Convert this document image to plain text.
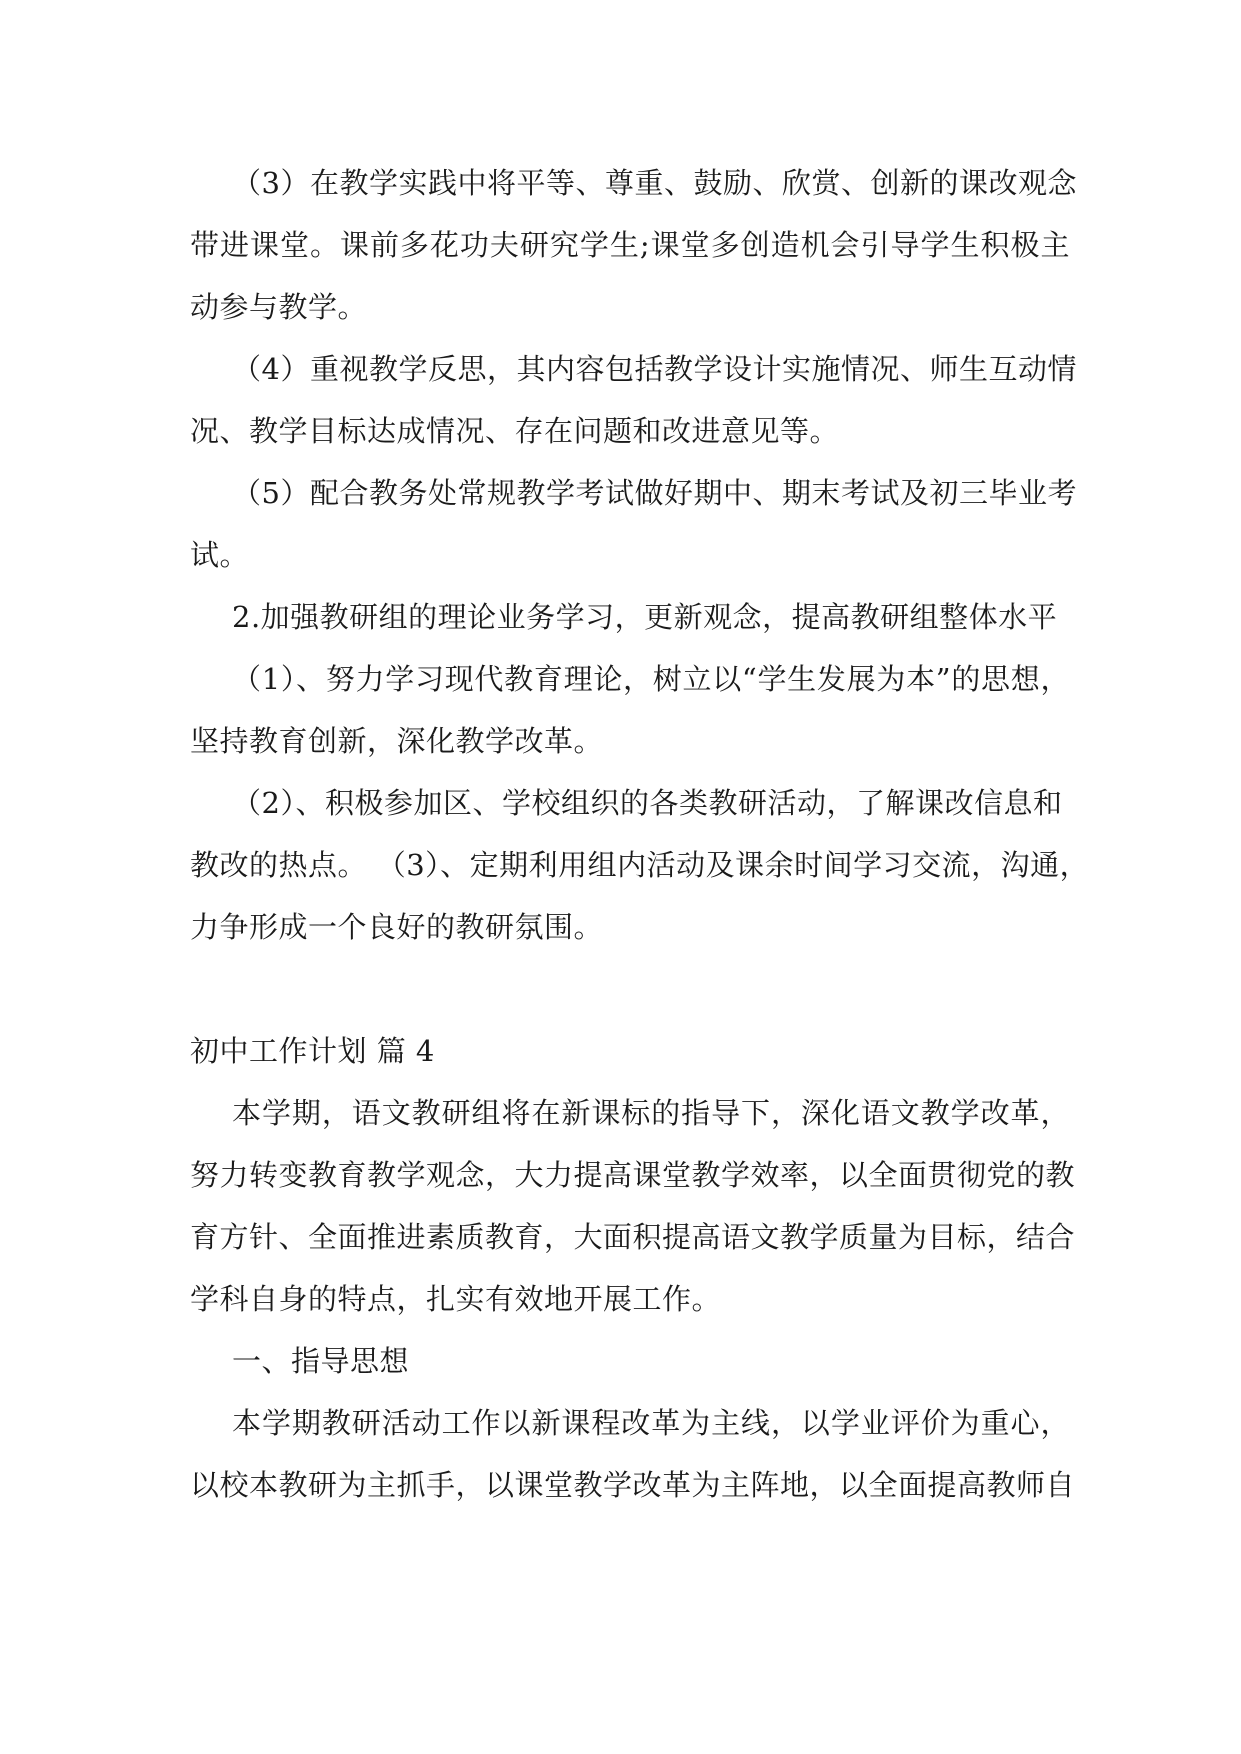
（3）在教学实践中将平等、尊重、鼓励、欣赏、创新的课改观念
带进课堂。课前多花功夫研究学生;课堂多创造机会引导学生积极主
动参与教学。
（4）重视教学反思，其内容包括教学设计实施情况、师生互动情
况、教学目标达成情况、存在问题和改进意见等。
（5）配合教务处常规教学考试做好期中、期末考试及初三毕业考
试。
2.加强教研组的理论业务学习，更新观念，提高教研组整体水平
（1）、努力学习现代教育理论，树立以“学生发展为本”的思想，
坚持教育创新，深化教学改革。
（2）、积极参加区、学校组织的各类教研活动，了解课改信息和
教改的热点。 （3）、定期利用组内活动及课余时间学习交流，沟通，
力争形成一个良好的教研氛围。
初中工作计划 篇 4
本学期，语文教研组将在新课标的指导下，深化语文教学改革，
努力转变教育教学观念，大力提高课堂教学效率，以全面贯彻党的教
育方针、全面推进素质教育，大面积提高语文教学质量为目标，结合
学科自身的特点，扎实有效地开展工作。
一、指导思想
本学期教研活动工作以新课程改革为主线，以学业评价为重心，
以校本教研为主抓手，以课堂教学改革为主阵地，以全面提高教师自
